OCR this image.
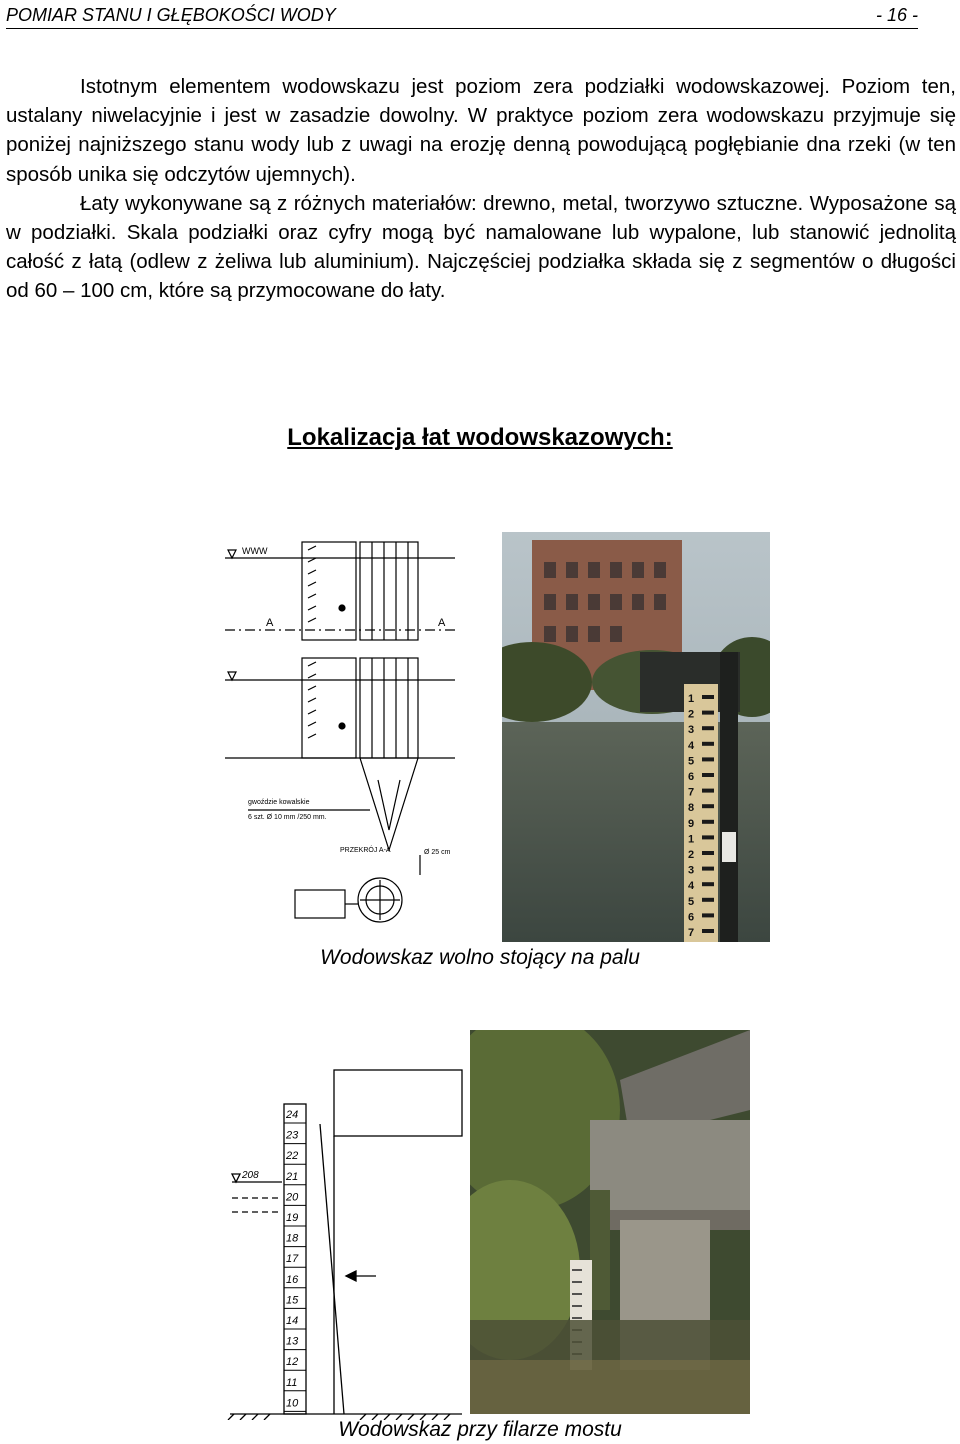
POMIAR STANU I GŁĘBOKOŚCI WODY	- 16 -

Istotnym elementem wodowskazu jest poziom zera podziałki wodowskazowej. Poziom ten, ustalany niwelacyjnie i jest w zasadzie dowolny. W praktyce poziom zera wodowskazu przyjmuje się poniżej najniższego stanu wody lub z uwagi na erozję denną powodującą pogłębianie dna rzeki (w ten sposób unika się odczytów ujemnych).

Łaty wykonywane są z różnych materiałów: drewno, metal, tworzywo sztuczne. Wyposażone są w podziałki. Skala podziałki oraz cyfry mogą być namalowane lub wypalone, lub stanowić jednolitą całość z łatą (odlew z żeliwa lub aluminium). Najczęściej podziałka składa się z segmentów o długości od 60 – 100 cm, które są przymocowane do łaty.

Lokalizacja łat wodowskazowych:
WWW
A	A
gwoździe kowalskie
6 szt. Ø 10 mm /250 mm.
PRZEKRÓJ A-A	Ø 25 cm
1
2
3
4
5
6
7
8
9
1
2
3
4
5
6
7
Wodowskaz wolno stojący na palu
24
23
22
21
20
19
18
17
16
15
14
13
12
11
10
208
Wodowskaz przy filarze mostu
